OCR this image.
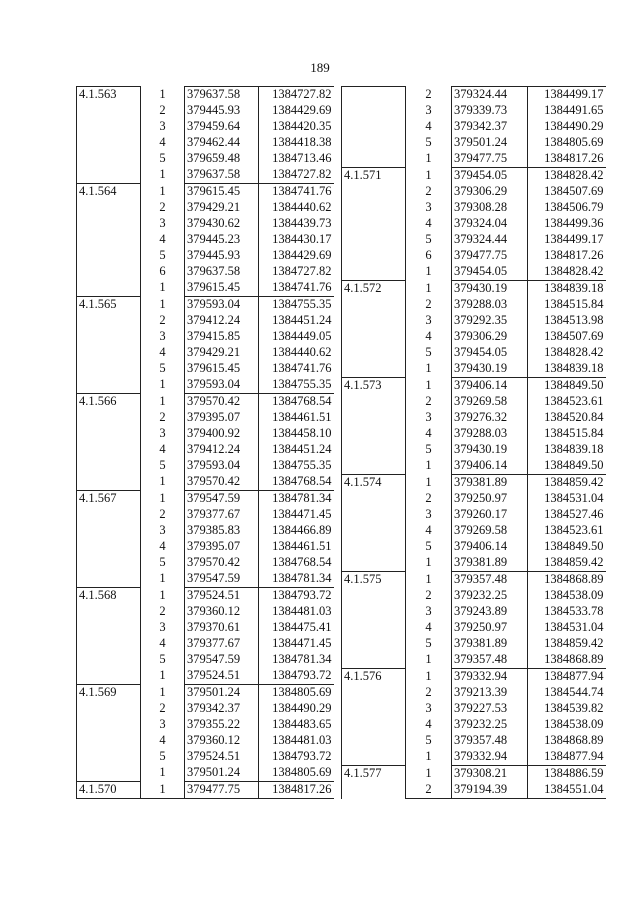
189
4.1.563	1	379637.58	1384727.82
	2	379445.93	1384429.69
	3	379459.64	1384420.35
	4	379462.44	1384418.38
	5	379659.48	1384713.46
	1	379637.58	1384727.82
4.1.564	1	379615.45	1384741.76
	2	379429.21	1384440.62
	3	379430.62	1384439.73
	4	379445.23	1384430.17
	5	379445.93	1384429.69
	6	379637.58	1384727.82
	1	379615.45	1384741.76
4.1.565	1	379593.04	1384755.35
	2	379412.24	1384451.24
	3	379415.85	1384449.05
	4	379429.21	1384440.62
	5	379615.45	1384741.76
	1	379593.04	1384755.35
4.1.566	1	379570.42	1384768.54
	2	379395.07	1384461.51
	3	379400.92	1384458.10
	4	379412.24	1384451.24
	5	379593.04	1384755.35
	1	379570.42	1384768.54
4.1.567	1	379547.59	1384781.34
	2	379377.67	1384471.45
	3	379385.83	1384466.89
	4	379395.07	1384461.51
	5	379570.42	1384768.54
	1	379547.59	1384781.34
4.1.568	1	379524.51	1384793.72
	2	379360.12	1384481.03
	3	379370.61	1384475.41
	4	379377.67	1384471.45
	5	379547.59	1384781.34
	1	379524.51	1384793.72
4.1.569	1	379501.24	1384805.69
	2	379342.37	1384490.29
	3	379355.22	1384483.65
	4	379360.12	1384481.03
	5	379524.51	1384793.72
	1	379501.24	1384805.69
4.1.570	1	379477.75	1384817.26
	2	379324.44	1384499.17
	3	379339.73	1384491.65
	4	379342.37	1384490.29
	5	379501.24	1384805.69
	1	379477.75	1384817.26
4.1.571	1	379454.05	1384828.42
	2	379306.29	1384507.69
	3	379308.28	1384506.79
	4	379324.04	1384499.36
	5	379324.44	1384499.17
	6	379477.75	1384817.26
	1	379454.05	1384828.42
4.1.572	1	379430.19	1384839.18
	2	379288.03	1384515.84
	3	379292.35	1384513.98
	4	379306.29	1384507.69
	5	379454.05	1384828.42
	1	379430.19	1384839.18
4.1.573	1	379406.14	1384849.50
	2	379269.58	1384523.61
	3	379276.32	1384520.84
	4	379288.03	1384515.84
	5	379430.19	1384839.18
	1	379406.14	1384849.50
4.1.574	1	379381.89	1384859.42
	2	379250.97	1384531.04
	3	379260.17	1384527.46
	4	379269.58	1384523.61
	5	379406.14	1384849.50
	1	379381.89	1384859.42
4.1.575	1	379357.48	1384868.89
	2	379232.25	1384538.09
	3	379243.89	1384533.78
	4	379250.97	1384531.04
	5	379381.89	1384859.42
	1	379357.48	1384868.89
4.1.576	1	379332.94	1384877.94
	2	379213.39	1384544.74
	3	379227.53	1384539.82
	4	379232.25	1384538.09
	5	379357.48	1384868.89
	1	379332.94	1384877.94
4.1.577	1	379308.21	1384886.59
	2	379194.39	1384551.04
